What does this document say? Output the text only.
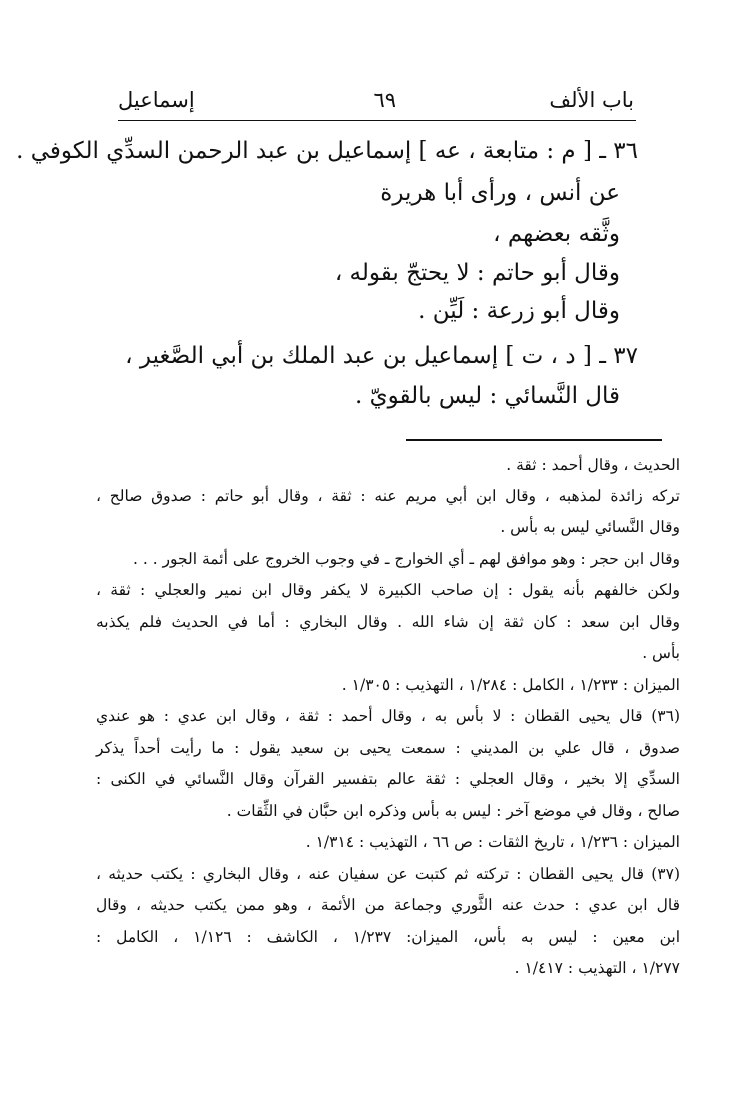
باب الألف
٦٩
إسماعيل
٣٦ ـ [ م : متابعة ، عه ] إسماعيل بن عبد الرحمن السدِّي الكوفي .
عن أنس ، ورأى أبا هريرة
وثَّقه بعضهم ،
وقال أبو حاتم : لا يحتجّ بقوله ،
وقال أبو زرعة : لَيِّن .
٣٧ ـ [ د ، ت ] إسماعيل بن عبد الملك بن أبي الصَّغير ،
قال النَّسائي : ليس بالقويّ .
الحديث ، وقال أحمد : ثقة .
تركه زائدة لمذهبه ، وقال ابن أبي مريم عنه : ثقة ، وقال أبو حاتم : صدوق صالح ،
وقال النَّسائي ليس به بأس .
وقال ابن حجر : وهو موافق لهم ـ أي الخوارج ـ في وجوب الخروج على أئمة الجور . . .
ولكن خالفهم بأنه يقول : إن صاحب الكبيرة لا يكفر وقال ابن نمير والعجلي : ثقة ،
وقال ابن سعد : كان ثقة إن شاء الله . وقال البخاري : أما في الحديث فلم يكذبه
بأس .
الميزان : ١/٢٣٣ ، الكامل : ١/٢٨٤ ، التهذيب : ١/٣٠٥ .
(٣٦) قال يحيى القطان : لا بأس به ، وقال أحمد : ثقة ، وقال ابن عدي : هو عندي
صدوق ، قال علي بن المديني : سمعت يحيى بن سعيد يقول : ما رأيت أحداً يذكر
السدِّي إلا بخير ، وقال العجلي : ثقة عالم بتفسير القرآن وقال النَّسائي في الكنى :
صالح ، وقال في موضع آخر : ليس به بأس وذكره ابن حبَّان في الثِّقات .
الميزان : ١/٢٣٦ ، تاريخ الثقات : ص ٦٦ ، التهذيب : ١/٣١٤ .
(٣٧) قال يحيى القطان : تركته ثم كتبت عن سفيان عنه ، وقال البخاري : يكتب حديثه ،
قال ابن عدي : حدث عنه الثَّوري وجماعة من الأئمة ، وهو ممن يكتب حديثه ، وقال
ابن معين : ليس به بأس، الميزان: ١/٢٣٧ ، الكاشف : ١/١٢٦ ، الكامل :
١/٢٧٧ ، التهذيب : ١/٤١٧ .
